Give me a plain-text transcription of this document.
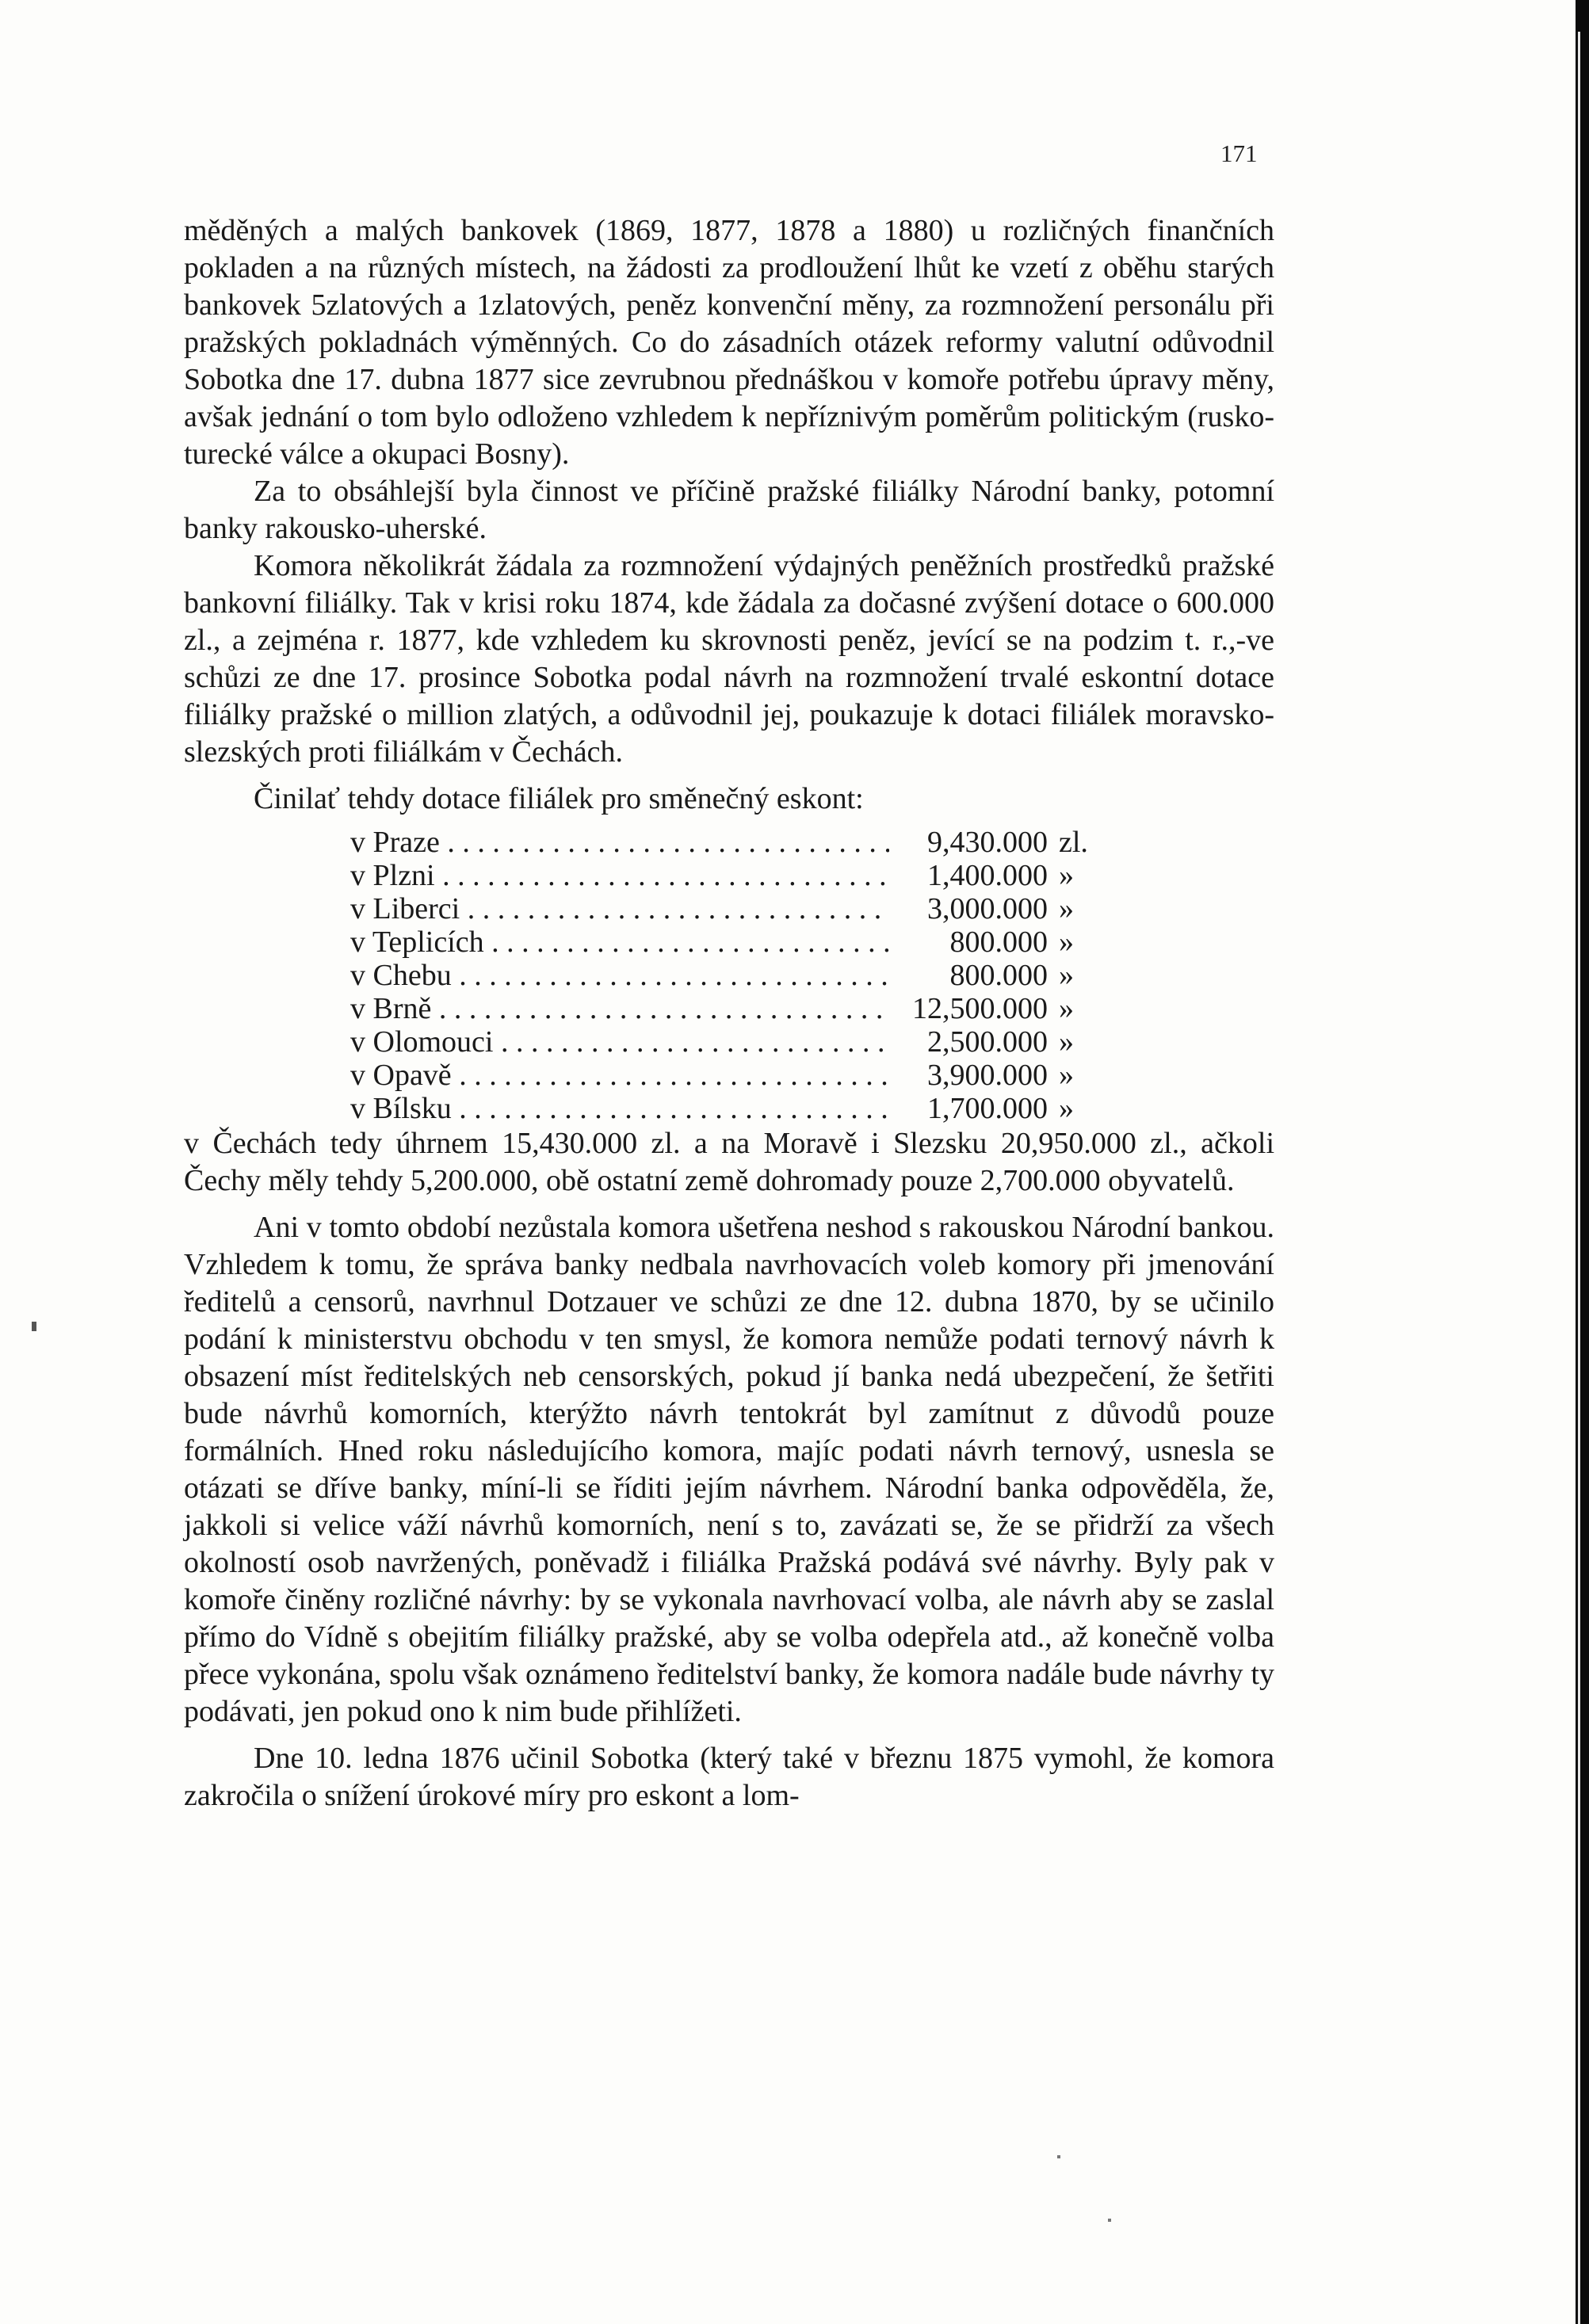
171

měděných a malých bankovek (1869, 1877, 1878 a 1880) u rozličných finančních pokladen a na různých místech, na žádosti za prodloužení lhůt ke vzetí z oběhu starých bankovek 5zlatových a 1zlatových, peněz konvenční měny, za rozmnožení personálu při pražských pokladnách výměnných. Co do zásadních otázek reformy valutní odůvodnil Sobotka dne 17. dubna 1877 sice zevrubnou přednáškou v komoře potřebu úpravy měny, avšak jednání o tom bylo odloženo vzhledem k nepříznivým poměrům politickým (rusko-turecké válce a okupaci Bosny).

Za to obsáhlejší byla činnost ve příčině pražské filiálky Národní banky, potomní banky rakousko-uherské.

Komora několikrát žádala za rozmnožení výdajných peněžních prostředků pražské bankovní filiálky. Tak v krisi roku 1874, kde žádala za dočasné zvýšení dotace o 600.000 zl., a zejména r. 1877, kde vzhledem ku skrovnosti peněz, jevící se na podzim t. r.,-ve schůzi ze dne 17. prosince Sobotka podal návrh na rozmnožení trvalé eskontní dotace filiálky pražské o million zlatých, a odůvodnil jej, poukazuje k dotaci filiálek moravsko-slezských proti filiálkám v Čechách.

Činilať tehdy dotace filiálek pro směnečný eskont:

v Praze . . .	9,430.000 zl.
v Plzni . . .	1,400.000 »
v Liberci . . .	3,000.000 »
v Teplicích . . .	800.000 »
v Chebu . . .	800.000 »
v Brně . . .	12,500.000 »
v Olomouci . . .	2,500.000 »
v Opavě . . .	3,900.000 »
v Bílsku . . .	1,700.000 »

v Čechách tedy úhrnem 15,430.000 zl. a na Moravě i Slezsku 20,950.000 zl., ačkoli Čechy měly tehdy 5,200.000, obě ostatní země dohromady pouze 2,700.000 obyvatelů.

Ani v tomto období nezůstala komora ušetřena neshod s rakouskou Národní bankou. Vzhledem k tomu, že správa banky nedbala navrhovacích voleb komory při jmenování ředitelů a censorů, navrhnul Dotzauer ve schůzi ze dne 12. dubna 1870, by se učinilo podání k ministerstvu obchodu v ten smysl, že komora nemůže podati ternový návrh k obsazení míst ředitelských neb censorských, pokud jí banka nedá ubezpečení, že šetřiti bude návrhů komorních, kterýžto návrh tentokrát byl zamítnut z důvodů pouze formálních. Hned roku následujícího komora, majíc podati návrh ternový, usnesla se otázati se dříve banky, míní-li se říditi jejím návrhem. Národní banka odpověděla, že, jakkoli si velice váží návrhů komorních, není s to, zavázati se, že se přidrží za všech okolností osob navržených, poněvadž i filiálka Pražská podává své návrhy. Byly pak v komoře činěny rozličné návrhy: by se vykonala navrhovací volba, ale návrh aby se zaslal přímo do Vídně s obejitím filiálky pražské, aby se volba odepřela atd., až konečně volba přece vykonána, spolu však oznámeno ředitelství banky, že komora nadále bude návrhy ty podávati, jen pokud ono k nim bude přihlížeti.

Dne 10. ledna 1876 učinil Sobotka (který také v březnu 1875 vymohl, že komora zakročila o snížení úrokové míry pro eskont a lom-
